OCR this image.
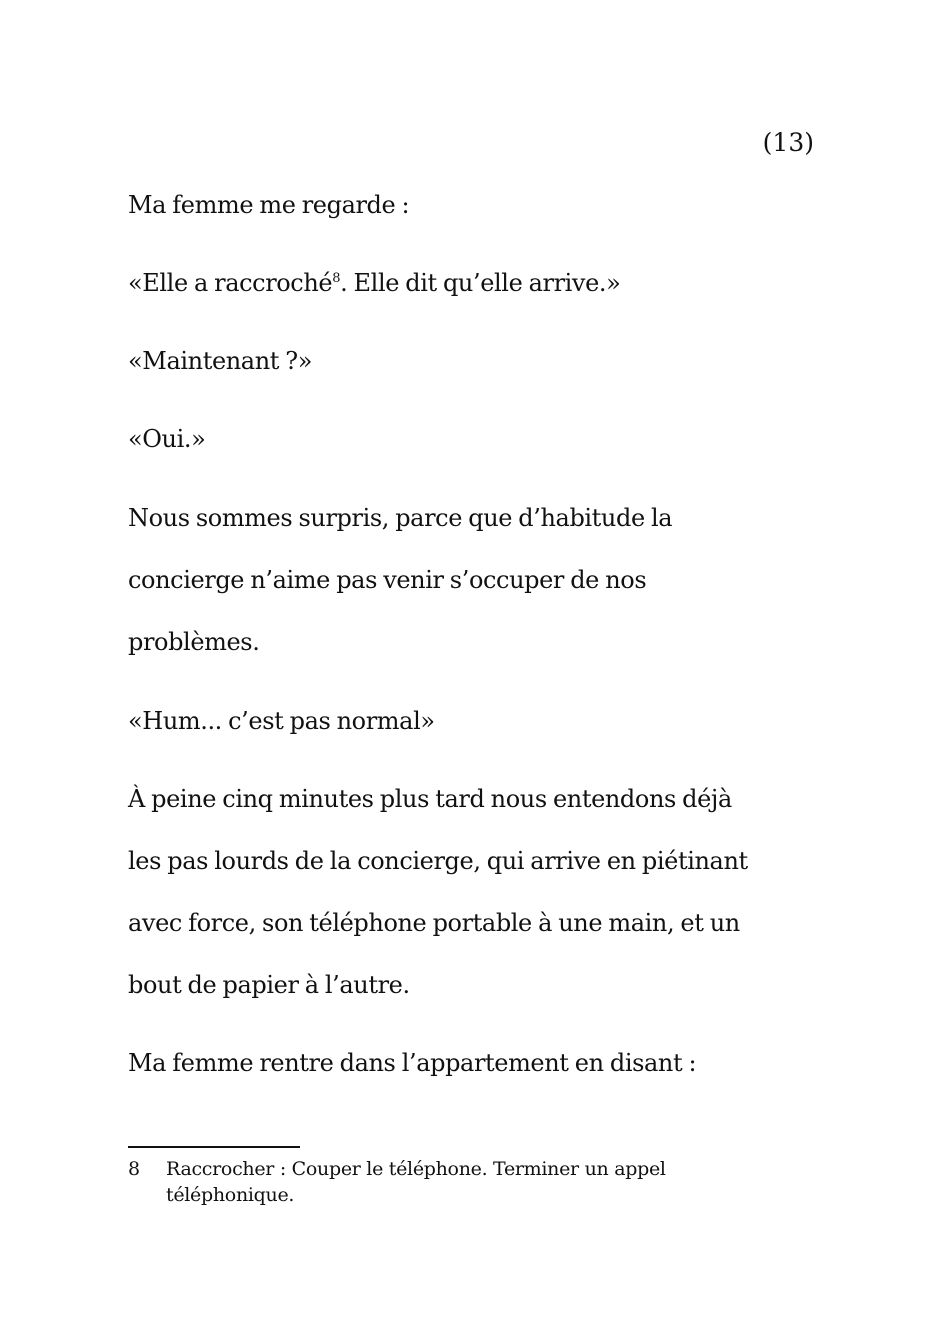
(13)

Ma femme me regarde :

«Elle a raccroché$^8$. Elle dit qu’elle arrive.»

«Maintenant ?»

«Oui.»

Nous sommes surpris, parce que d’habitude la

concierge n’aime pas venir s’occuper de nos

problèmes.

«Hum... c’est pas normal»

À peine cinq minutes plus tard nous entendons déjà

les pas lourds de la concierge, qui arrive en piétinant

avec force, son téléphone portable à une main, et un

bout de papier à l’autre.

Ma femme rentre dans l’appartement en disant :

8 Raccrocher : Couper le téléphone. Terminer un appel téléphonique.
